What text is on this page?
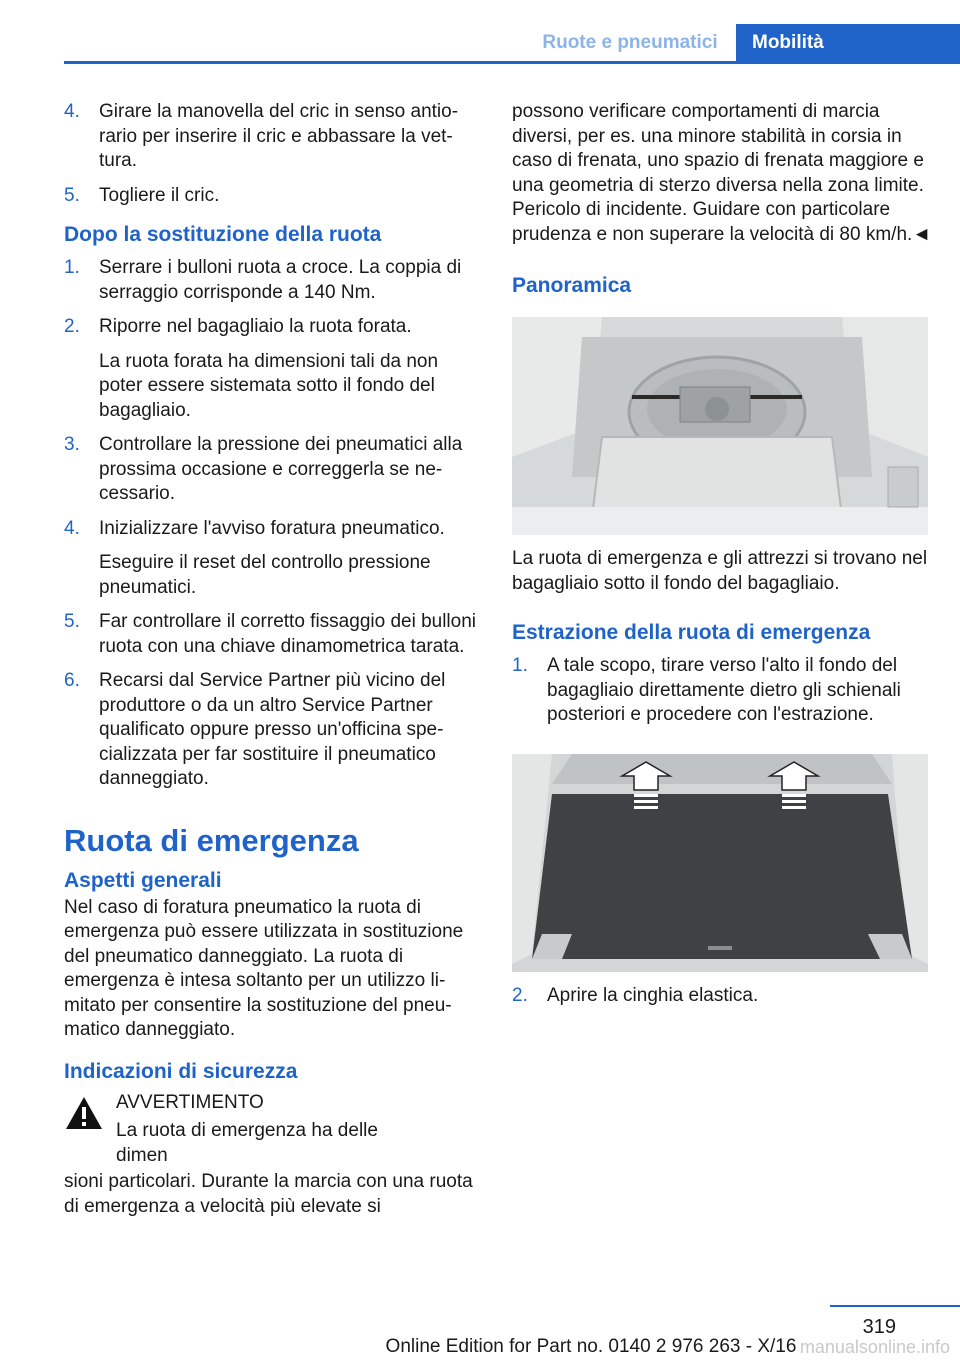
Ruote e pneumatici	Mobilità
4.	Girare la manovella del cric in senso antiorario per inserire il cric e abbassare la vettura.

5.	Togliere il cric.

Dopo la sostituzione della ruota
1.	Serrare i bulloni ruota a croce. La coppia di serraggio corrisponde a 140 Nm.

2.	Riporre nel bagagliaio la ruota forata.

La ruota forata ha dimensioni tali da non poter essere sistemata sotto il fondo del bagagliaio.

3.	Controllare la pressione dei pneumatici alla prossima occasione e correggerla se necessario.

4.	Inizializzare l'avviso foratura pneumatico.

Eseguire il reset del controllo pressione pneumatici.

5.	Far controllare il corretto fissaggio dei bulloni ruota con una chiave dinamometrica tarata.

6.	Recarsi dal Service Partner più vicino del produttore o da un altro Service Partner qualificato oppure presso un'officina specializzata per far sostituire il pneumatico danneggiato.

Ruota di emergenza
Aspetti generali

Nel caso di foratura pneumatico la ruota di emergenza può essere utilizzata in sostituzione del pneumatico danneggiato. La ruota di emergenza è intesa soltanto per un utilizzo limitato per consentire la sostituzione del pneumatico danneggiato.

Indicazioni di sicurezza

AVVERTIMENTO

La ruota di emergenza ha delle dimen

sioni particolari. Durante la marcia con una ruota di emergenza a velocità più elevate si

possono verificare comportamenti di marcia diversi, per es. una minore stabilità in corsia in caso di frenata, uno spazio di frenata maggiore e una geometria di sterzo diversa nella zona limite. Pericolo di incidente. Guidare con particolare prudenza e non superare la velocità di 80 km/h.◄

Panoramica

La ruota di emergenza e gli attrezzi si trovano nel bagagliaio sotto il fondo del bagagliaio.

Estrazione della ruota di emergenza
1.	A tale scopo, tirare verso l'alto il fondo del bagagliaio direttamente dietro gli schienali posteriori e procedere con l'estrazione.

2.	Aprire la cinghia elastica.

319
Online Edition for Part no. 0140 2 976 263 - X/16 manualsonline.info
